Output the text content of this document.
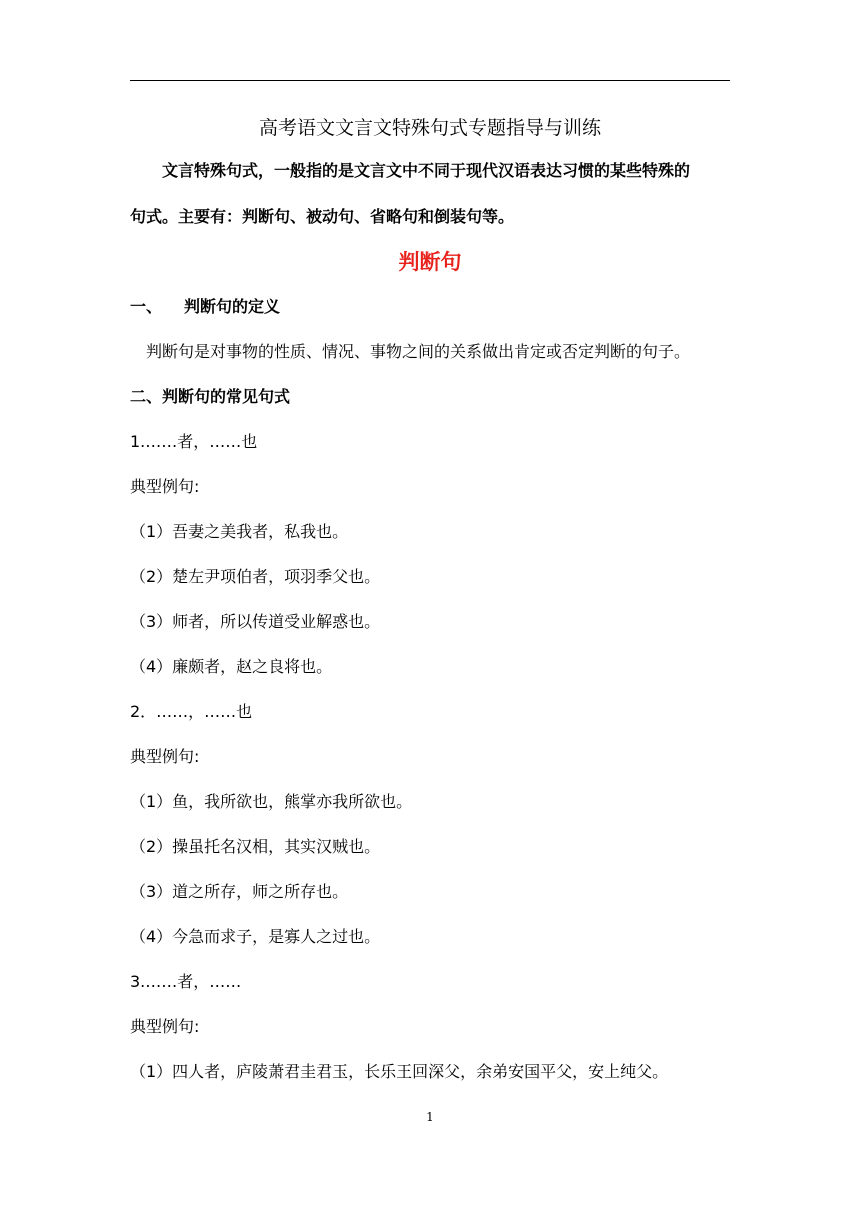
高考语文文言文特殊句式专题指导与训练
文言特殊句式，一般指的是文言文中不同于现代汉语表达习惯的某些特殊的
句式。主要有：判断句、被动句、省略句和倒装句等。
判断句
一、 判断句的定义
判断句是对事物的性质、情况、事物之间的关系做出肯定或否定判断的句子。
二、判断句的常见句式
1.……者，……也
典型例句:
（1）吾妻之美我者，私我也。
（2）楚左尹项伯者，项羽季父也。
（3）师者，所以传道受业解惑也。
（4）廉颇者，赵之良将也。
2．……，……也
典型例句:
（1）鱼，我所欲也，熊掌亦我所欲也。
（2）操虽托名汉相，其实汉贼也。
（3）道之所存，师之所存也。
（4）今急而求子，是寡人之过也。
3.……者，……
典型例句:
（1）四人者，庐陵萧君圭君玉，长乐王回深父，余弟安国平父，安上纯父。
1
